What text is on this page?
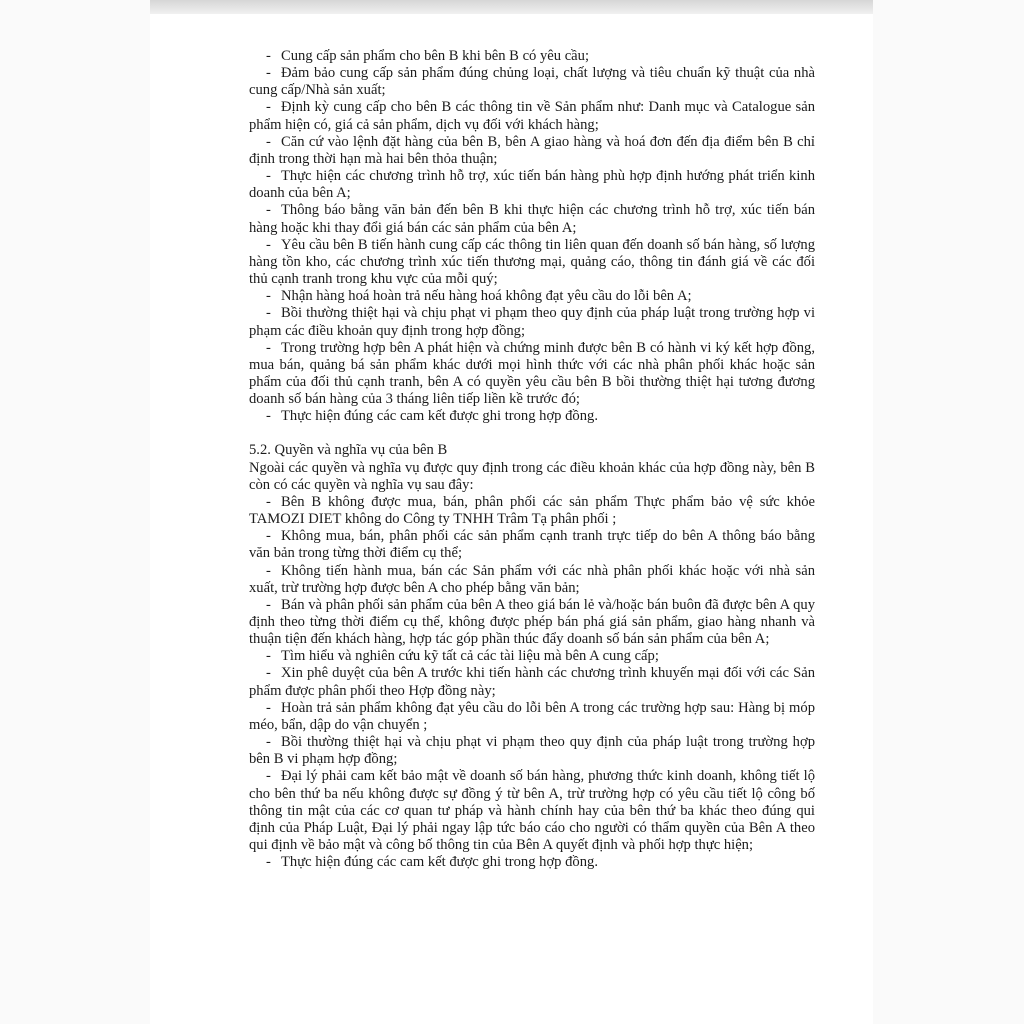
- Cung cấp sản phẩm cho bên B khi bên B có yêu cầu;
- Đảm bảo cung cấp sản phẩm đúng chủng loại, chất lượng và tiêu chuẩn kỹ thuật của nhà cung cấp/Nhà sản xuất;
- Định kỳ cung cấp cho bên B các thông tin về Sản phẩm như: Danh mục và Catalogue sản phẩm hiện có, giá cả sản phẩm, dịch vụ đối với khách hàng;
- Căn cứ vào lệnh đặt hàng của bên B, bên A giao hàng và hoá đơn đến địa điểm bên B chỉ định trong thời hạn mà hai bên thỏa thuận;
- Thực hiện các chương trình hỗ trợ, xúc tiến bán hàng phù hợp định hướng phát triển kinh doanh của bên A;
- Thông báo bằng văn bản đến bên B khi thực hiện các chương trình hỗ trợ, xúc tiến bán hàng hoặc khi thay đổi giá bán các sản phẩm của bên A;
- Yêu cầu bên B tiến hành cung cấp các thông tin liên quan đến doanh số bán hàng, số lượng hàng tồn kho, các chương trình xúc tiến thương mại, quảng cáo, thông tin đánh giá về các đối thủ cạnh tranh trong khu vực của mỗi quý;
- Nhận hàng hoá hoàn trả nếu hàng hoá không đạt yêu cầu do lỗi bên A;
- Bồi thường thiệt hại và chịu phạt vi phạm theo quy định của pháp luật trong trường hợp vi phạm các điều khoản quy định trong hợp đồng;
- Trong trường hợp bên A phát hiện và chứng minh được bên B có hành vi ký kết hợp đồng, mua bán, quảng bá sản phẩm khác dưới mọi hình thức với các nhà phân phối khác hoặc sản phẩm của đối thủ cạnh tranh, bên A có quyền yêu cầu bên B bồi thường thiệt hại tương đương doanh số bán hàng của 3 tháng liên tiếp liền kề trước đó;
- Thực hiện đúng các cam kết được ghi trong hợp đồng.

5.2. Quyền và nghĩa vụ của bên B

Ngoài các quyền và nghĩa vụ được quy định trong các điều khoản khác của hợp đồng này, bên B còn có các quyền và nghĩa vụ sau đây:

- Bên B không được mua, bán, phân phối các sản phẩm Thực phẩm bảo vệ sức khỏe TAMOZI DIET không do Công ty TNHH Trâm Tạ phân phối ;
- Không mua, bán, phân phối các sản phẩm cạnh tranh trực tiếp do bên A thông báo bằng văn bản trong từng thời điểm cụ thể;
- Không tiến hành mua, bán các Sản phẩm với các nhà phân phối khác hoặc với nhà sản xuất, trừ trường hợp được bên A cho phép bằng văn bản;
- Bán và phân phối sản phẩm của bên A theo giá bán lẻ và/hoặc bán buôn đã được bên A quy định theo từng thời điểm cụ thể, không được phép bán phá giá sản phẩm, giao hàng nhanh và thuận tiện đến khách hàng, hợp tác góp phần thúc đẩy doanh số bán sản phẩm của bên A;
- Tìm hiểu và nghiên cứu kỹ tất cả các tài liệu mà bên A cung cấp;
- Xin phê duyệt của bên A trước khi tiến hành các chương trình khuyến mại đối với các Sản phẩm được phân phối theo Hợp đồng này;
- Hoàn trả sản phẩm không đạt yêu cầu do lỗi bên A trong các trường hợp sau: Hàng bị móp méo, bẩn, dập do vận chuyển ;
- Bồi thường thiệt hại và chịu phạt vi phạm theo quy định của pháp luật trong trường hợp bên B vi phạm hợp đồng;
- Đại lý phải cam kết bảo mật về doanh số bán hàng, phương thức kinh doanh, không tiết lộ cho bên thứ ba nếu không được sự đồng ý từ bên A, trừ trường hợp có yêu cầu tiết lộ công bố thông tin mật của các cơ quan tư pháp và hành chính hay của bên thứ ba khác theo đúng qui định của Pháp Luật, Đại lý phải ngay lập tức báo cáo cho người có thẩm quyền của Bên A theo qui định về bảo mật và công bố thông tin của Bên A quyết định và phối hợp thực hiện;
- Thực hiện đúng các cam kết được ghi trong hợp đồng.
